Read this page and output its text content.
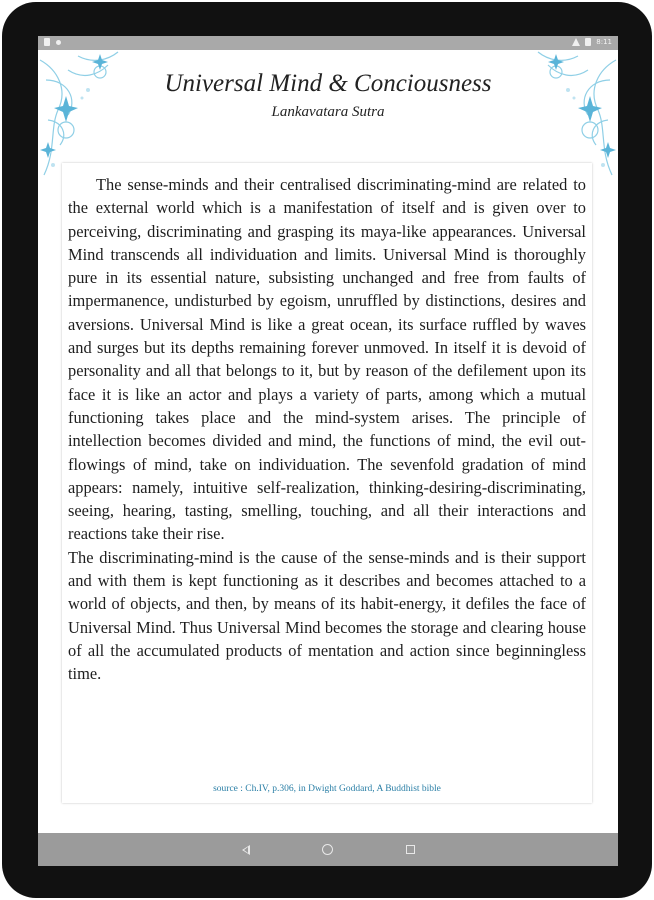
8:11
Universal Mind & Conciousness
Lankavatara Sutra

The sense-minds and their centralised discriminating-mind are related to the external world which is a manifestation of itself and is given over to perceiving, discriminating and grasping its maya-like appearances. Universal Mind transcends all individuation and limits. Universal Mind is thoroughly pure in its essential nature, subsisting unchanged and free from faults of impermanence, undisturbed by egoism, unruffled by distinctions, desires and aversions. Universal Mind is like a great ocean, its surface ruffled by waves and surges but its depths remaining forever unmoved. In itself it is devoid of personality and all that belongs to it, but by reason of the defilement upon its face it is like an actor and plays a variety of parts, among which a mutual functioning takes place and the mind-system arises. The principle of intellection becomes divided and mind, the functions of mind, the evil out-flowings of mind, take on individuation. The sevenfold gradation of mind appears: namely, intuitive self-realization, thinking-desiring-discriminating, seeing, hearing, tasting, smelling, touching, and all their interactions and reactions take their rise.

The discriminating-mind is the cause of the sense-minds and is their support and with them is kept functioning as it describes and becomes attached to a world of objects, and then, by means of its habit-energy, it defiles the face of Universal Mind. Thus Universal Mind becomes the storage and clearing house of all the accumulated products of mentation and action since beginningless time.

source : Ch.IV, p.306, in Dwight Goddard, A Buddhist bible
